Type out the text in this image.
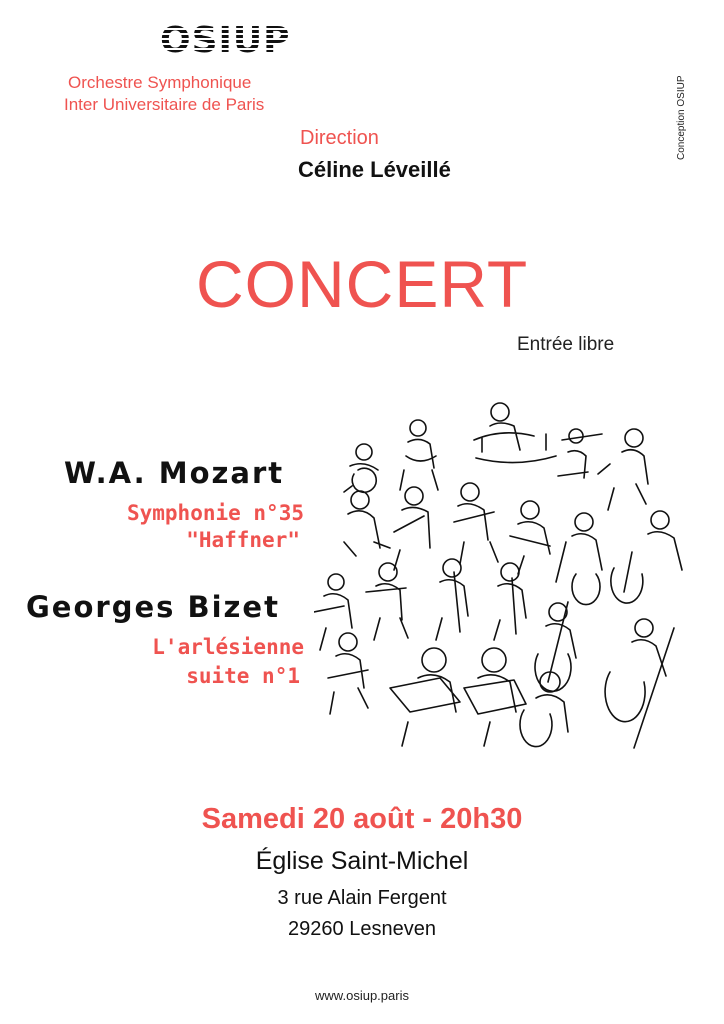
OSIUP
Orchestre Symphonique
Inter Universitaire de Paris
Direction
Céline Léveillé
Conception OSIUP
CONCERT
Entrée libre
W.A. Mozart
Symphonie n°35
"Haffner"
Georges Bizet
L'arlésienne
suite n°1
Samedi 20 août - 20h30
Église Saint-Michel
3 rue Alain Fergent
29260 Lesneven
www.osiup.paris
